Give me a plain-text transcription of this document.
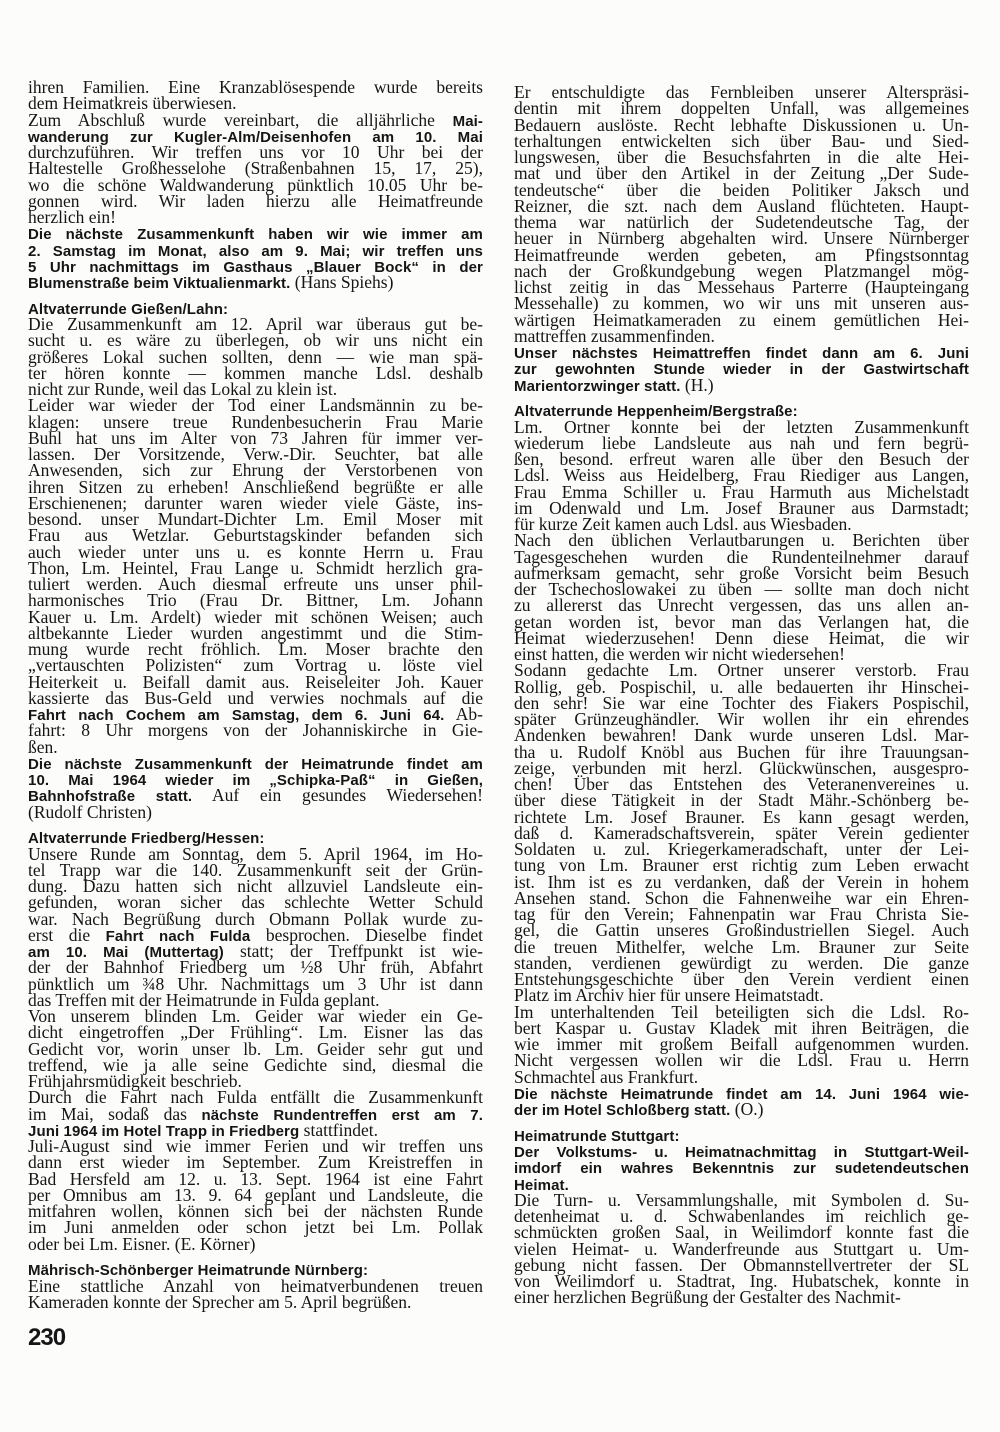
ihren Familien. Eine Kranzablösespende wurde bereits
dem Heimatkreis überwiesen.
Zum Abschluß wurde vereinbart, die alljährliche Mai-
wanderung zur Kugler-Alm/Deisenhofen am 10. Mai
durchzuführen. Wir treffen uns vor 10 Uhr bei der
Haltestelle Großhesselohe (Straßenbahnen 15, 17, 25),
wo die schöne Waldwanderung pünktlich 10.05 Uhr be-
gonnen wird. Wir laden hierzu alle Heimatfreunde
herzlich ein!
Die nächste Zusammenkunft haben wir wie immer am
2. Samstag im Monat, also am 9. Mai; wir treffen uns
5 Uhr nachmittags im Gasthaus „Blauer Bock“ in der
Blumenstraße beim Viktualienmarkt. (Hans Spiehs)
Altvaterrunde Gießen/Lahn:
Die Zusammenkunft am 12. April war überaus gut be-
sucht u. es wäre zu überlegen, ob wir uns nicht ein
größeres Lokal suchen sollten, denn — wie man spä-
ter hören konnte — kommen manche Ldsl. deshalb
nicht zur Runde, weil das Lokal zu klein ist.
Leider war wieder der Tod einer Landsmännin zu be-
klagen: unsere treue Rundenbesucherin Frau Marie
Buhl hat uns im Alter von 73 Jahren für immer ver-
lassen. Der Vorsitzende, Verw.-Dir. Seuchter, bat alle
Anwesenden, sich zur Ehrung der Verstorbenen von
ihren Sitzen zu erheben! Anschließend begrüßte er alle
Erschienenen; darunter waren wieder viele Gäste, ins-
besond. unser Mundart-Dichter Lm. Emil Moser mit
Frau aus Wetzlar. Geburtstagskinder befanden sich
auch wieder unter uns u. es konnte Herrn u. Frau
Thon, Lm. Heintel, Frau Lange u. Schmidt herzlich gra-
tuliert werden. Auch diesmal erfreute uns unser phil-
harmonisches Trio (Frau Dr. Bittner, Lm. Johann
Kauer u. Lm. Ardelt) wieder mit schönen Weisen; auch
altbekannte Lieder wurden angestimmt und die Stim-
mung wurde recht fröhlich. Lm. Moser brachte den
„vertauschten Polizisten“ zum Vortrag u. löste viel
Heiterkeit u. Beifall damit aus. Reiseleiter Joh. Kauer
kassierte das Bus-Geld und verwies nochmals auf die
Fahrt nach Cochem am Samstag, dem 6. Juni 64. Ab-
fahrt: 8 Uhr morgens von der Johanniskirche in Gie-
ßen.
Die nächste Zusammenkunft der Heimatrunde findet am
10. Mai 1964 wieder im „Schipka-Paß“ in Gießen,
Bahnhofstraße statt. Auf ein gesundes Wiedersehen!
(Rudolf Christen)
Altvaterrunde Friedberg/Hessen:
Unsere Runde am Sonntag, dem 5. April 1964, im Ho-
tel Trapp war die 140. Zusammenkunft seit der Grün-
dung. Dazu hatten sich nicht allzuviel Landsleute ein-
gefunden, woran sicher das schlechte Wetter Schuld
war. Nach Begrüßung durch Obmann Pollak wurde zu-
erst die Fahrt nach Fulda besprochen. Dieselbe findet
am 10. Mai (Muttertag) statt; der Treffpunkt ist wie-
der der Bahnhof Friedberg um ½8 Uhr früh, Abfahrt
pünktlich um ¾8 Uhr. Nachmittags um 3 Uhr ist dann
das Treffen mit der Heimatrunde in Fulda geplant.
Von unserem blinden Lm. Geider war wieder ein Ge-
dicht eingetroffen „Der Frühling“. Lm. Eisner las das
Gedicht vor, worin unser lb. Lm. Geider sehr gut und
treffend, wie ja alle seine Gedichte sind, diesmal die
Frühjahrsmüdigkeit beschrieb.
Durch die Fahrt nach Fulda entfällt die Zusammenkunft
im Mai, sodaß das nächste Rundentreffen erst am 7.
Juni 1964 im Hotel Trapp in Friedberg stattfindet.
Juli-August sind wie immer Ferien und wir treffen uns
dann erst wieder im September. Zum Kreistreffen in
Bad Hersfeld am 12. u. 13. Sept. 1964 ist eine Fahrt
per Omnibus am 13. 9. 64 geplant und Landsleute, die
mitfahren wollen, können sich bei der nächsten Runde
im Juni anmelden oder schon jetzt bei Lm. Pollak
oder bei Lm. Eisner. (E. Körner)
Mährisch-Schönberger Heimatrunde Nürnberg:
Eine stattliche Anzahl von heimatverbundenen treuen
Kameraden konnte der Sprecher am 5. April begrüßen.
Er entschuldigte das Fernbleiben unserer Alterspräsi-
dentin mit ihrem doppelten Unfall, was allgemeines
Bedauern auslöste. Recht lebhafte Diskussionen u. Un-
terhaltungen entwickelten sich über Bau- und Sied-
lungswesen, über die Besuchsfahrten in die alte Hei-
mat und über den Artikel in der Zeitung „Der Sude-
tendeutsche“ über die beiden Politiker Jaksch und
Reizner, die szt. nach dem Ausland flüchteten. Haupt-
thema war natürlich der Sudetendeutsche Tag, der
heuer in Nürnberg abgehalten wird. Unsere Nürnberger
Heimatfreunde werden gebeten, am Pfingstsonntag
nach der Großkundgebung wegen Platzmangel mög-
lichst zeitig in das Messehaus Parterre (Haupteingang
Messehalle) zu kommen, wo wir uns mit unseren aus-
wärtigen Heimatkameraden zu einem gemütlichen Hei-
mattreffen zusammenfinden.
Unser nächstes Heimattreffen findet dann am 6. Juni
zur gewohnten Stunde wieder in der Gastwirtschaft
Marientorzwinger statt. (H.)
Altvaterrunde Heppenheim/Bergstraße:
Lm. Ortner konnte bei der letzten Zusammenkunft
wiederum liebe Landsleute aus nah und fern begrü-
ßen, besond. erfreut waren alle über den Besuch der
Ldsl. Weiss aus Heidelberg, Frau Riediger aus Langen,
Frau Emma Schiller u. Frau Harmuth aus Michelstadt
im Odenwald und Lm. Josef Brauner aus Darmstadt;
für kurze Zeit kamen auch Ldsl. aus Wiesbaden.
Nach den üblichen Verlautbarungen u. Berichten über
Tagesgeschehen wurden die Rundenteilnehmer darauf
aufmerksam gemacht, sehr große Vorsicht beim Besuch
der Tschechoslowakei zu üben — sollte man doch nicht
zu allererst das Unrecht vergessen, das uns allen an-
getan worden ist, bevor man das Verlangen hat, die
Heimat wiederzusehen! Denn diese Heimat, die wir
einst hatten, die werden wir nicht wiedersehen!
Sodann gedachte Lm. Ortner unserer verstorb. Frau
Rollig, geb. Pospischil, u. alle bedauerten ihr Hinschei-
den sehr! Sie war eine Tochter des Fiakers Pospischil,
später Grünzeughändler. Wir wollen ihr ein ehrendes
Andenken bewahren! Dank wurde unseren Ldsl. Mar-
tha u. Rudolf Knöbl aus Buchen für ihre Trauungsan-
zeige, verbunden mit herzl. Glückwünschen, ausgespro-
chen! Über das Entstehen des Veteranenvereines u.
über diese Tätigkeit in der Stadt Mähr.-Schönberg be-
richtete Lm. Josef Brauner. Es kann gesagt werden,
daß d. Kameradschaftsverein, später Verein gedienter
Soldaten u. zul. Kriegerkameradschaft, unter der Lei-
tung von Lm. Brauner erst richtig zum Leben erwacht
ist. Ihm ist es zu verdanken, daß der Verein in hohem
Ansehen stand. Schon die Fahnenweihe war ein Ehren-
tag für den Verein; Fahnenpatin war Frau Christa Sie-
gel, die Gattin unseres Großindustriellen Siegel. Auch
die treuen Mithelfer, welche Lm. Brauner zur Seite
standen, verdienen gewürdigt zu werden. Die ganze
Entstehungsgeschichte über den Verein verdient einen
Platz im Archiv hier für unsere Heimatstadt.
Im unterhaltenden Teil beteiligten sich die Ldsl. Ro-
bert Kaspar u. Gustav Kladek mit ihren Beiträgen, die
wie immer mit großem Beifall aufgenommen wurden.
Nicht vergessen wollen wir die Ldsl. Frau u. Herrn
Schmachtel aus Frankfurt.
Die nächste Heimatrunde findet am 14. Juni 1964 wie-
der im Hotel Schloßberg statt. (O.)
Heimatrunde Stuttgart:
Der Volkstums- u. Heimatnachmittag in Stuttgart-Weil-
imdorf ein wahres Bekenntnis zur sudetendeutschen
Heimat.
Die Turn- u. Versammlungshalle, mit Symbolen d. Su-
detenheimat u. d. Schwabenlandes im reichlich ge-
schmückten großen Saal, in Weilimdorf konnte fast die
vielen Heimat- u. Wanderfreunde aus Stuttgart u. Um-
gebung nicht fassen. Der Obmannstellvertreter der SL
von Weilimdorf u. Stadtrat, Ing. Hubatschek, konnte in
einer herzlichen Begrüßung der Gestalter des Nachmit-
230
